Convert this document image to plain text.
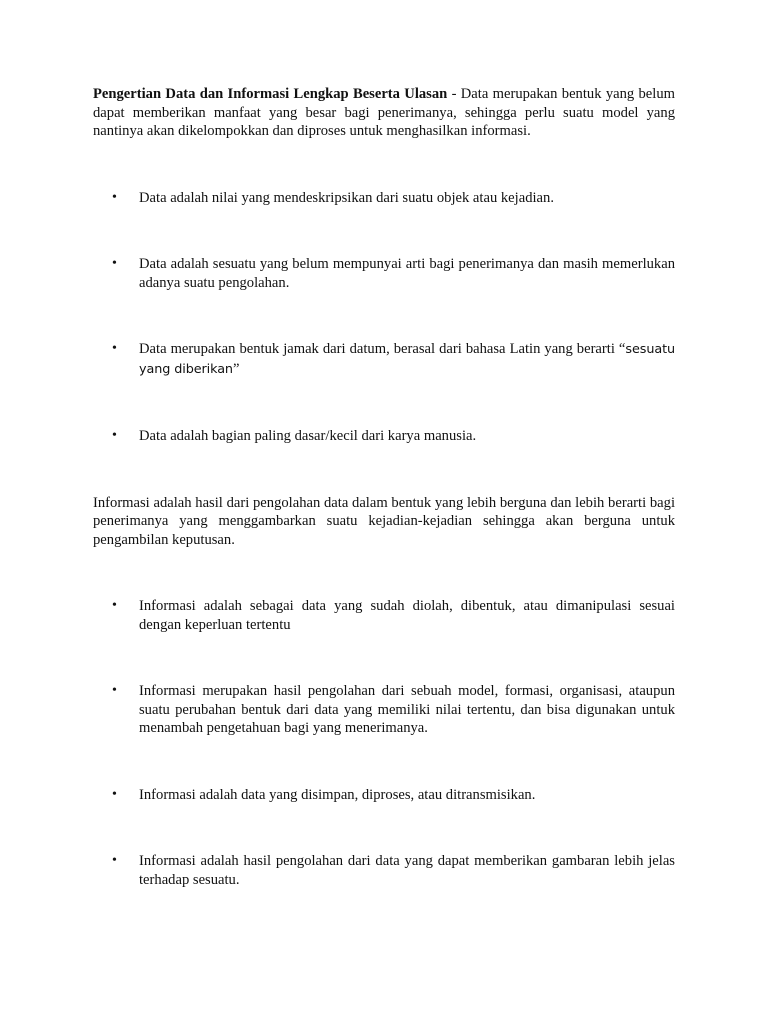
Pengertian Data dan Informasi Lengkap Beserta Ulasan - Data merupakan bentuk yang belum dapat memberikan manfaat yang besar bagi penerimanya, sehingga perlu suatu model yang nantinya akan dikelompokkan dan diproses untuk menghasilkan informasi.

• Data adalah nilai yang mendeskripsikan dari suatu objek atau kejadian.
• Data adalah sesuatu yang belum mempunyai arti bagi penerimanya dan masih memerlukan adanya suatu pengolahan.
• Data merupakan bentuk jamak dari datum, berasal dari bahasa Latin yang berarti “sesuatu yang diberikan”
• Data adalah bagian paling dasar/kecil dari karya manusia.

Informasi adalah hasil dari pengolahan data dalam bentuk yang lebih berguna dan lebih berarti bagi penerimanya yang menggambarkan suatu kejadian-kejadian sehingga akan berguna untuk pengambilan keputusan.

• Informasi adalah sebagai data yang sudah diolah, dibentuk, atau dimanipulasi sesuai dengan keperluan tertentu
• Informasi merupakan hasil pengolahan dari sebuah model, formasi, organisasi, ataupun suatu perubahan bentuk dari data yang memiliki nilai tertentu, dan bisa digunakan untuk menambah pengetahuan bagi yang menerimanya.
• Informasi adalah data yang disimpan, diproses, atau ditransmisikan.
• Informasi adalah hasil pengolahan dari data yang dapat memberikan gambaran lebih jelas terhadap sesuatu.
